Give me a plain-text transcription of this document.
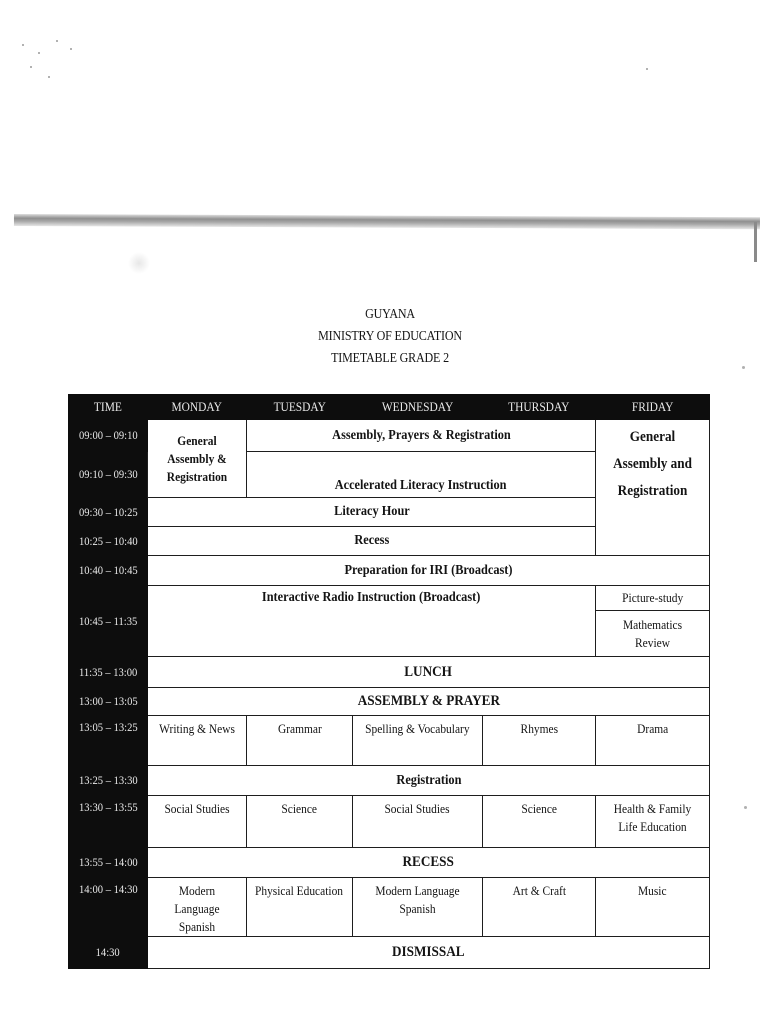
GUYANA
MINISTRY OF EDUCATION
TIMETABLE GRADE 2
TIME	MONDAY	TUESDAY	WEDNESDAY	THURSDAY	FRIDAY
09:00 – 09:10	General Assembly & Registration	Assembly, Prayers & Registration			General Assembly and Registration
09:10 – 09:30		Accelerated Literacy Instruction			
09:30 – 10:25	Literacy Hour				
10:25 – 10:40	Recess				
10:40 – 10:45	Preparation for IRI (Broadcast)				
10:45 – 11:35	Interactive Radio Instruction (Broadcast)				Picture-study
					Mathematics Review
11:35 – 13:00	LUNCH				
13:00 – 13:05	ASSEMBLY & PRAYER				
13:05 – 13:25	Writing & News	Grammar	Spelling & Vocabulary	Rhymes	Drama
13:25 – 13:30	Registration				
13:30 – 13:55	Social Studies	Science	Social Studies	Science	Health & Family Life Education
13:55 – 14:00	RECESS				
14:00 – 14:30	Modern Language Spanish	Physical Education	Modern Language Spanish	Art & Craft	Music
14:30	DISMISSAL				
